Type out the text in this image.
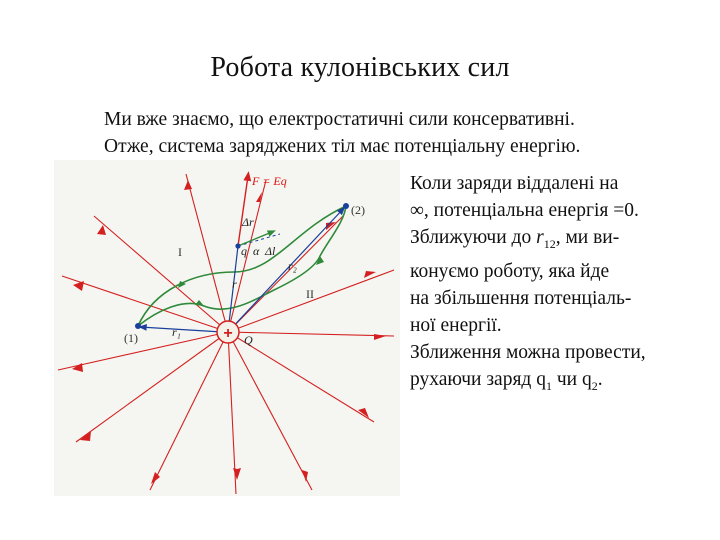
Робота кулонівських сил
Ми вже знаємо, що електростатичні сили консервативні.
Отже, система заряджених тіл має потенціальну енергію.
+
F = Eq
(2)
(1)
Δr
q α Δl
r₂
r
r₁
I
II
Q
Коли заряди віддалені на
∞, потенціальна енергія =0.
Зближуючи до $r_{12}$, ми ви-
конуємо роботу, яка йде
на збільшення потенціаль-
ної енергії.
Зближення можна провести,
рухаючи заряд $q_1$ чи $q_2$.
